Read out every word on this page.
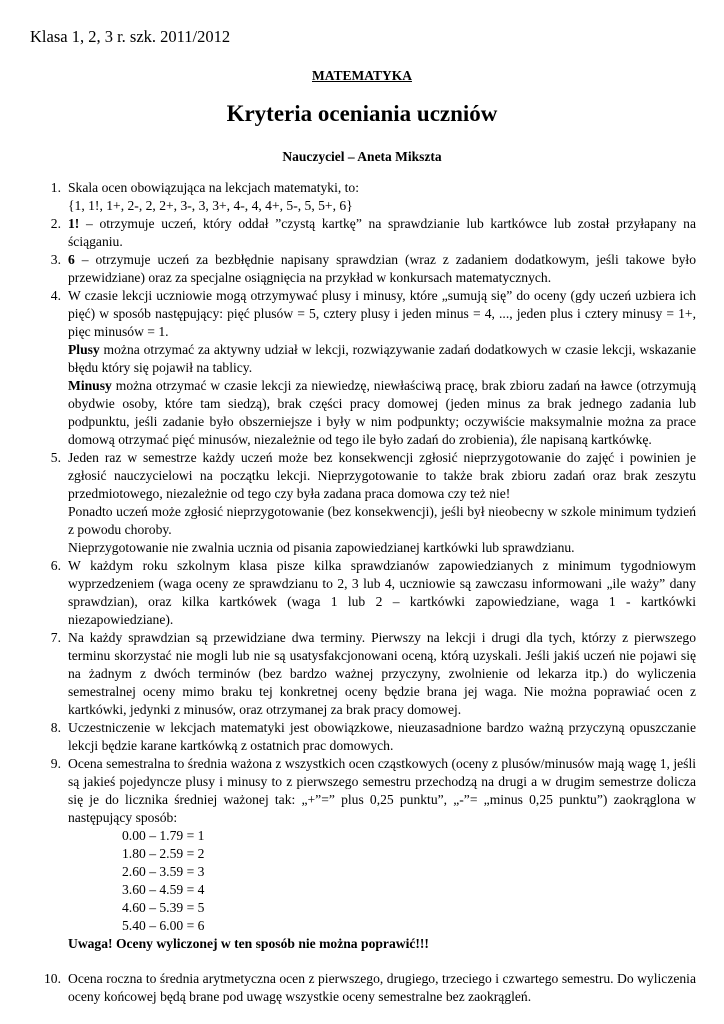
Klasa 1, 2, 3 r. szk. 2011/2012
MATEMATYKA
Kryteria oceniania uczniów
Nauczyciel – Aneta Mikszta
1. Skala ocen obowiązująca na lekcjach matematyki, to:

{1, 1!, 1+, 2-, 2, 2+, 3-, 3, 3+, 4-, 4, 4+, 5-, 5, 5+, 6}

2. 1! – otrzymuje uczeń, który oddał ”czystą kartkę” na sprawdzianie lub kartkówce lub został przyłapany na ściąganiu.

3. 6 – otrzymuje uczeń za bezbłędnie napisany sprawdzian (wraz z zadaniem dodatkowym, jeśli takowe było przewidziane) oraz za specjalne osiągnięcia na przykład w konkursach matematycznych.

4. W czasie lekcji uczniowie mogą otrzymywać plusy i minusy, które „sumują się” do oceny (gdy uczeń uzbiera ich pięć) w sposób następujący: pięć plusów = 5, cztery plusy i jeden minus = 4, ..., jeden plus i cztery minusy = 1+, pięc minusów = 1.

Plusy można otrzymać za aktywny udział w lekcji, rozwiązywanie zadań dodatkowych w czasie lekcji, wskazanie błędu który się pojawił na tablicy.

Minusy można otrzymać w czasie lekcji za niewiedzę, niewłaściwą pracę, brak zbioru zadań na ławce (otrzymują obydwie osoby, które tam siedzą), brak części pracy domowej (jeden minus za brak jednego zadania lub podpunktu, jeśli zadanie było obszerniejsze i były w nim podpunkty; oczywiście maksymalnie można za prace domową otrzymać pięć minusów, niezależnie od tego ile było zadań do zrobienia), źle napisaną kartkówkę.

5. Jeden raz w semestrze każdy uczeń może bez konsekwencji zgłosić nieprzygotowanie do zajęć i powinien je zgłosić nauczycielowi na początku lekcji. Nieprzygotowanie to także brak zbioru zadań oraz brak zeszytu przedmiotowego, niezależnie od tego czy była zadana praca domowa czy też nie!

Ponadto uczeń może zgłosić nieprzygotowanie (bez konsekwencji), jeśli był nieobecny w szkole minimum tydzień z powodu choroby.

Nieprzygotowanie nie zwalnia ucznia od pisania zapowiedzianej kartkówki lub sprawdzianu.

6. W każdym roku szkolnym klasa pisze kilka sprawdzianów zapowiedzianych z minimum tygodniowym wyprzedzeniem (waga oceny ze sprawdzianu to 2, 3 lub 4, uczniowie są zawczasu informowani „ile waży” dany sprawdzian), oraz kilka kartkówek (waga 1 lub 2 – kartkówki zapowiedziane, waga 1 - kartkówki niezapowiedziane).

7. Na każdy sprawdzian są przewidziane dwa terminy. Pierwszy na lekcji i drugi dla tych, którzy z pierwszego terminu skorzystać nie mogli lub nie są usatysfakcjonowani oceną, którą uzyskali. Jeśli jakiś uczeń nie pojawi się na żadnym z dwóch terminów (bez bardzo ważnej przyczyny, zwolnienie od lekarza itp.) do wyliczenia semestralnej oceny mimo braku tej konkretnej oceny będzie brana jej waga. Nie można poprawiać ocen z kartkówki, jedynki z minusów, oraz otrzymanej za brak pracy domowej.

8. Uczestniczenie w lekcjach matematyki jest obowiązkowe, nieuzasadnione bardzo ważną przyczyną opuszczanie lekcji będzie karane kartkówką z ostatnich prac domowych.

9. Ocena semestralna to średnia ważona z wszystkich ocen cząstkowych (oceny z plusów/minusów mają wagę 1, jeśli są jakieś pojedyncze plusy i minusy to z pierwszego semestru przechodzą na drugi a w drugim semestrze dolicza się je do licznika średniej ważonej tak: „+”=” plus 0,25 punktu”, „-”= „minus 0,25 punktu”) zaokrąglona w następujący sposób:

0.00 – 1.79 = 1
1.80 – 2.59 = 2
2.60 – 3.59 = 3
3.60 – 4.59 = 4
4.60 – 5.39 = 5
5.40 – 6.00 = 6

Uwaga! Oceny wyliczonej w ten sposób nie można poprawić!!!

10. Ocena roczna to średnia arytmetyczna ocen z pierwszego, drugiego, trzeciego i czwartego semestru. Do wyliczenia oceny końcowej będą brane pod uwagę wszystkie oceny semestralne bez zaokrągleń.
